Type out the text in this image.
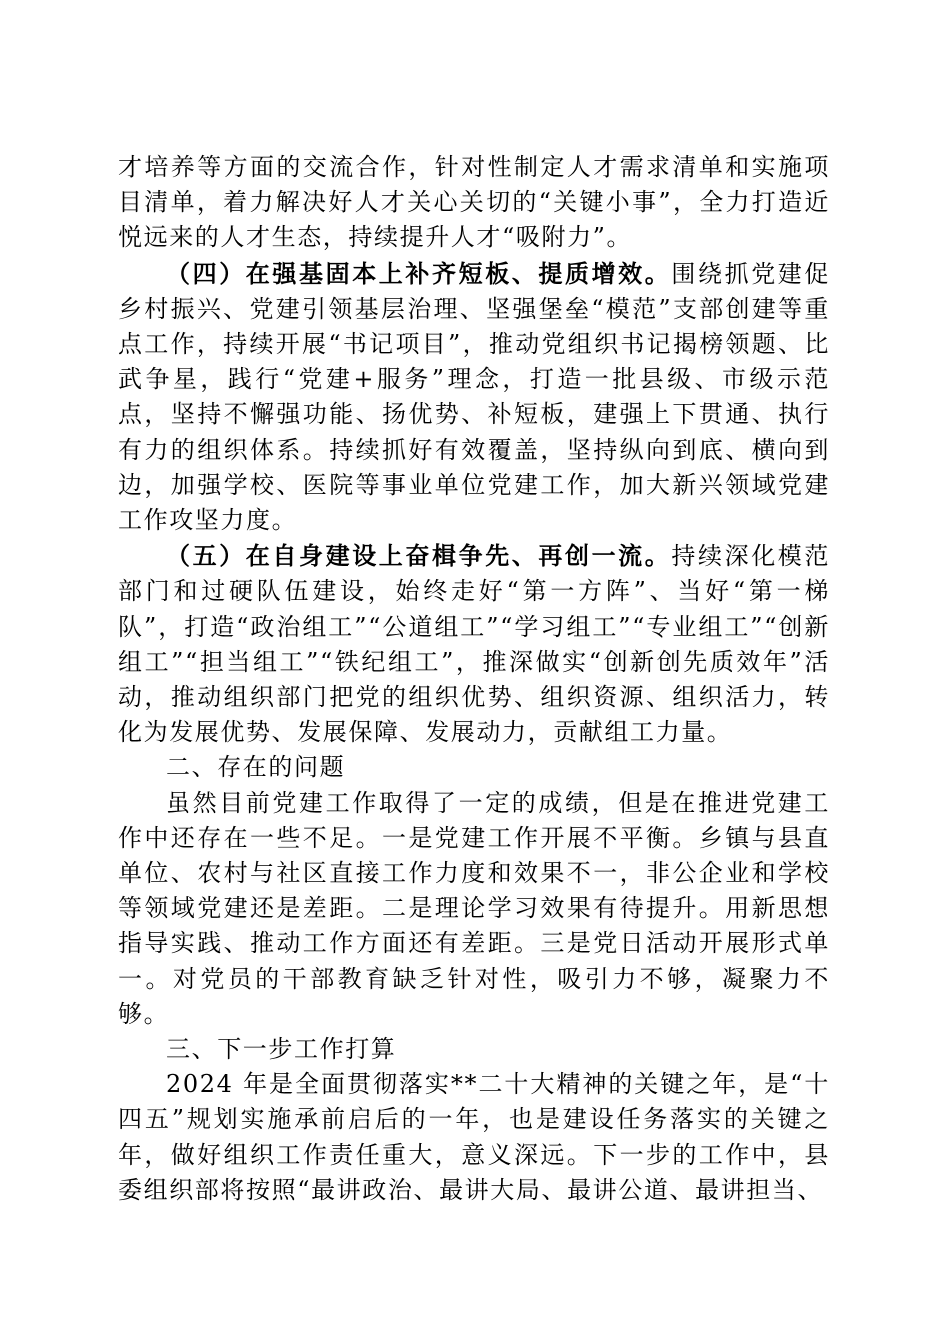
才培养等方面的交流合作，针对性制定人才需求清单和实施项目清单，着力解决好人才关心关切的“关键小事”，全力打造近悦远来的人才生态，持续提升人才“吸附力”。

（四）在强基固本上补齐短板、提质增效。围绕抓党建促乡村振兴、党建引领基层治理、坚强堡垒“模范”支部创建等重点工作，持续开展“书记项目”，推动党组织书记揭榜领题、比武争星，践行“党建+服务”理念，打造一批县级、市级示范点，坚持不懈强功能、扬优势、补短板，建强上下贯通、执行有力的组织体系。持续抓好有效覆盖，坚持纵向到底、横向到边，加强学校、医院等事业单位党建工作，加大新兴领域党建工作攻坚力度。

（五）在自身建设上奋楫争先、再创一流。持续深化模范部门和过硬队伍建设，始终走好“第一方阵”、当好“第一梯队”，打造“政治组工”“公道组工”“学习组工”“专业组工”“创新组工”“担当组工”“铁纪组工”，推深做实“创新创先质效年”活动，推动组织部门把党的组织优势、组织资源、组织活力，转化为发展优势、发展保障、发展动力，贡献组工力量。

二、存在的问题

虽然目前党建工作取得了一定的成绩，但是在推进党建工作中还存在一些不足。一是党建工作开展不平衡。乡镇与县直单位、农村与社区直接工作力度和效果不一，非公企业和学校等领域党建还是差距。二是理论学习效果有待提升。用新思想指导实践、推动工作方面还有差距。三是党日活动开展形式单一。对党员的干部教育缺乏针对性，吸引力不够，凝聚力不够。

三、下一步工作打算

2024 年是全面贯彻落实**二十大精神的关键之年，是“十四五”规划实施承前启后的一年，也是建设任务落实的关键之年，做好组织工作责任重大，意义深远。下一步的工作中，县委组织部将按照“最讲政治、最讲大局、最讲公道、最讲担当、
